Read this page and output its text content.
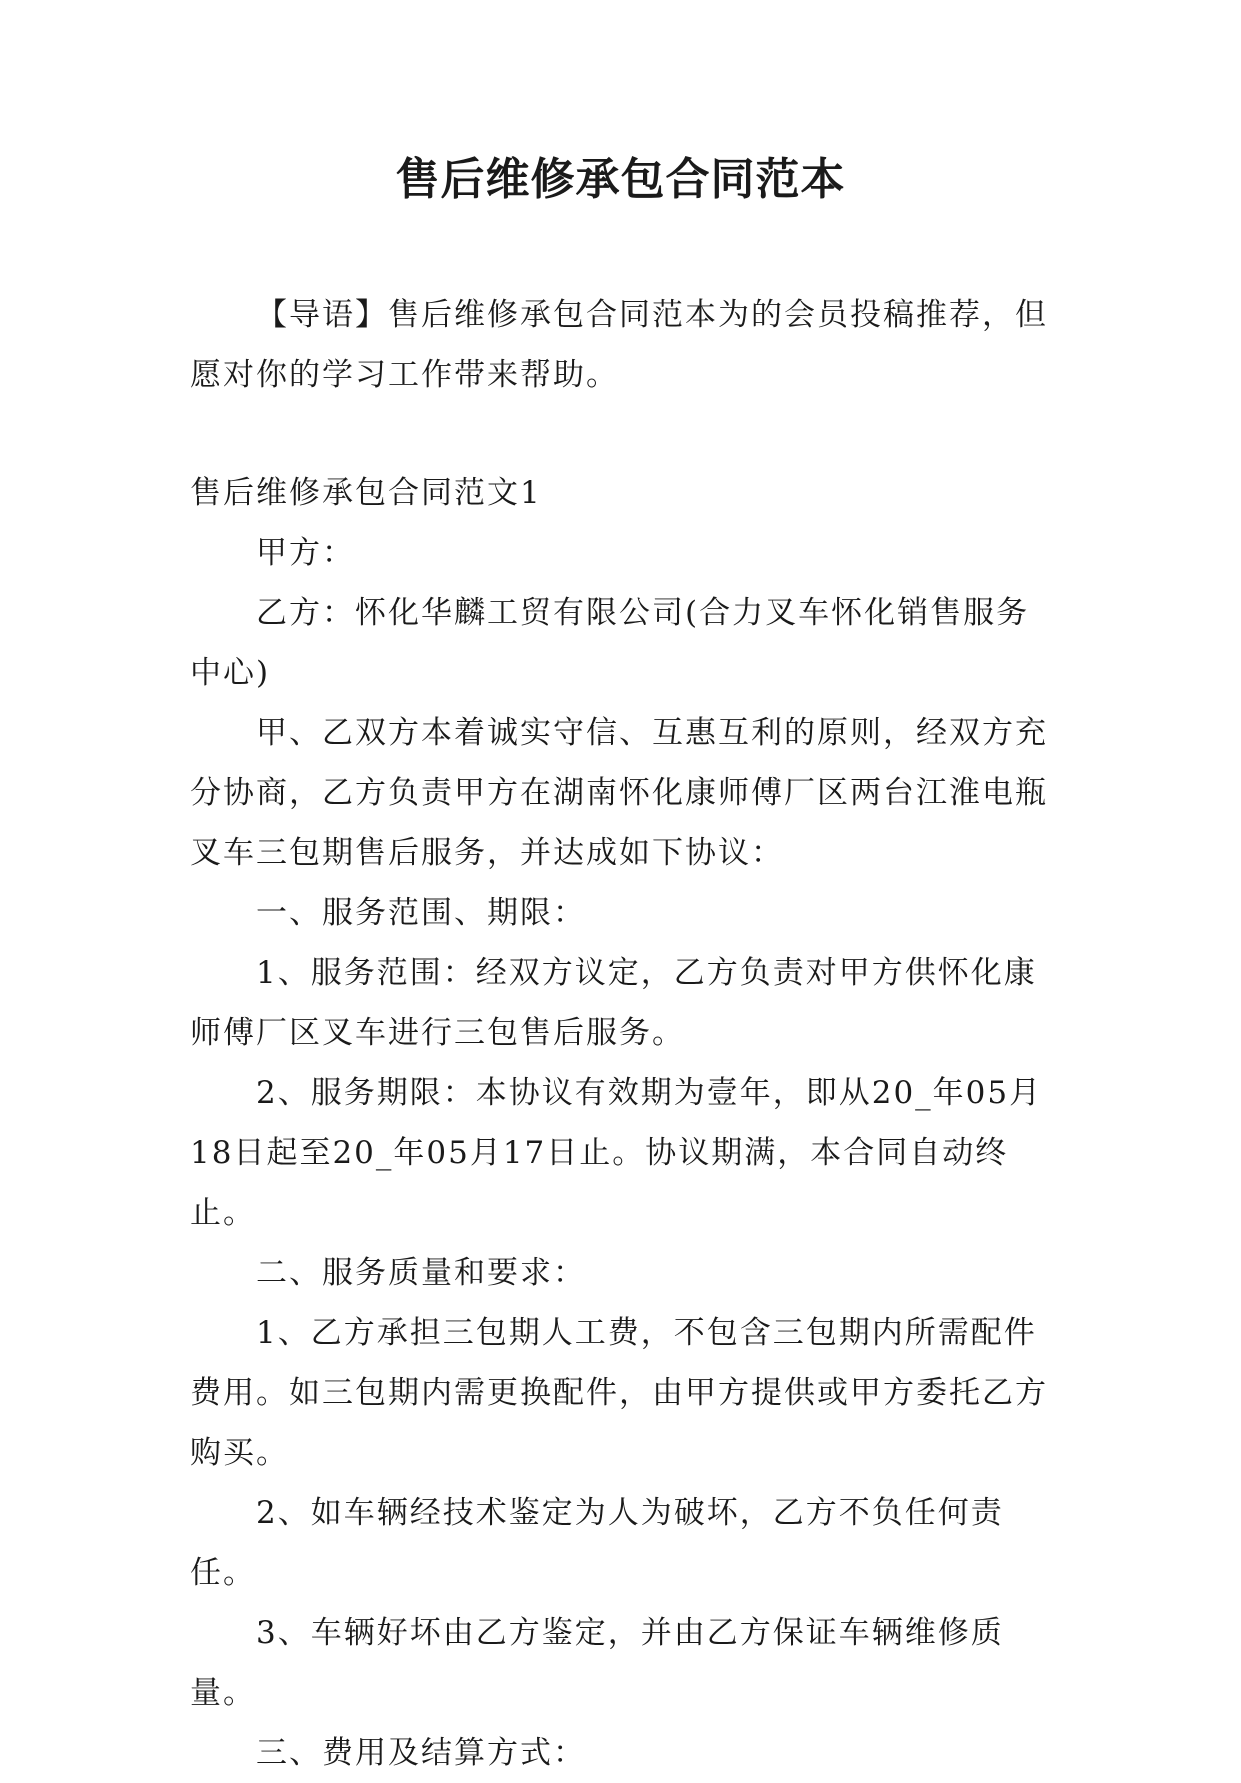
售后维修承包合同范本

【导语】售后维修承包合同范本为的会员投稿推荐，但愿对你的学习工作带来帮助。

售后维修承包合同范文1

甲方：

乙方：怀化华麟工贸有限公司(合力叉车怀化销售服务中心)

甲、乙双方本着诚实守信、互惠互利的原则，经双方充分协商，乙方负责甲方在湖南怀化康师傅厂区两台江淮电瓶叉车三包期售后服务，并达成如下协议：

一、服务范围、期限：

1、服务范围：经双方议定，乙方负责对甲方供怀化康师傅厂区叉车进行三包售后服务。

2、服务期限：本协议有效期为壹年，即从20_年05月18日起至20_年05月17日止。协议期满，本合同自动终止。

二、服务质量和要求：

1、乙方承担三包期人工费，不包含三包期内所需配件费用。如三包期内需更换配件，由甲方提供或甲方委托乙方购买。

2、如车辆经技术鉴定为人为破坏，乙方不负任何责任。

3、车辆好坏由乙方鉴定，并由乙方保证车辆维修质量。

三、费用及结算方式：
